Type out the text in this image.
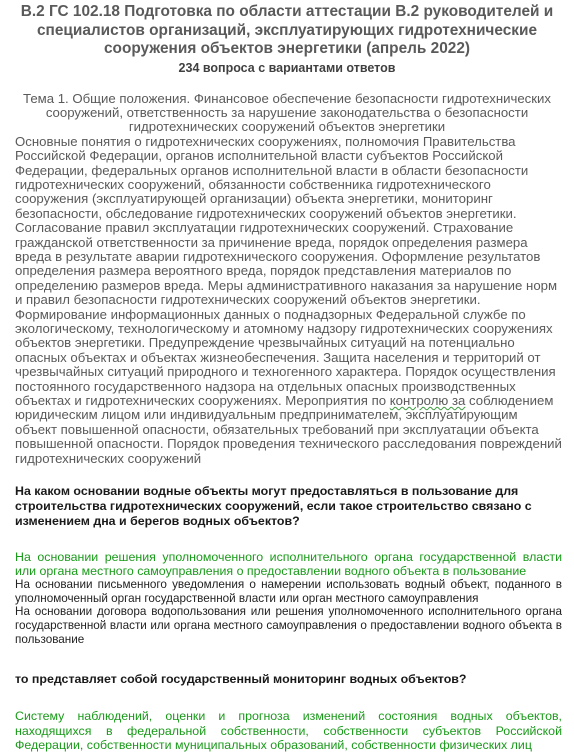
В.2 ГС 102.18 Подготовка по области аттестации В.2 руководителей и специалистов организаций, эксплуатирующих гидротехнические сооружения объектов энергетики (апрель 2022)
234 вопроса с вариантами ответов
Тема 1. Общие положения. Финансовое обеспечение безопасности гидротехнических сооружений, ответственность за нарушение законодательства о безопасности гидротехнических сооружений объектов энергетики
Основные понятия о гидротехнических сооружениях, полномочия Правительства Российской Федерации, органов исполнительной власти субъектов Российской Федерации, федеральных органов исполнительной власти в области безопасности гидротехнических сооружений, обязанности собственника гидротехнического сооружения (эксплуатирующей организации) объекта энергетики, мониторинг безопасности, обследование гидротехнических сооружений объектов энергетики. Согласование правил эксплуатации гидротехнических сооружений. Страхование гражданской ответственности за причинение вреда, порядок определения размера вреда в результате аварии гидротехнического сооружения. Оформление результатов определения размера вероятного вреда, порядок представления материалов по определению размеров вреда. Меры административного наказания за нарушение норм и правил безопасности гидротехнических сооружений объектов энергетики. Формирование информационных данных о поднадзорных Федеральной службе по экологическому, технологическому и атомному надзору гидротехнических сооружениях объектов энергетики. Предупреждение чрезвычайных ситуаций на потенциально опасных объектах и объектах жизнеобеспечения. Защита населения и территорий от чрезвычайных ситуаций природного и техногенного характера. Порядок осуществления постоянного государственного надзора на отдельных опасных производственных объектах и гидротехнических сооружениях. Мероприятия по контролю за соблюдением юридическим лицом или индивидуальным предпринимателем, эксплуатирующим объект повышенной опасности, обязательных требований при эксплуатации объекта повышенной опасности. Порядок проведения технического расследования повреждений гидротехнических сооружений
На каком основании водные объекты могут предоставляться в пользование для строительства гидротехнических сооружений, если такое строительство связано с изменением дна и берегов водных объектов?
На основании решения уполномоченного исполнительного органа государственной власти или органа местного самоуправления о предоставлении водного объекта в пользование
На основании письменного уведомления о намерении использовать водный объект, поданного в уполномоченный орган государственной власти или орган местного самоуправления
На основании договора водопользования или решения уполномоченного исполнительного органа государственной власти или органа местного самоуправления о предоставлении водного объекта в пользование
то представляет собой государственный мониторинг водных объектов?
Систему наблюдений, оценки и прогноза изменений состояния водных объектов, находящихся в федеральной собственности, собственности субъектов Российской Федерации, собственности муниципальных образований, собственности физических лиц
